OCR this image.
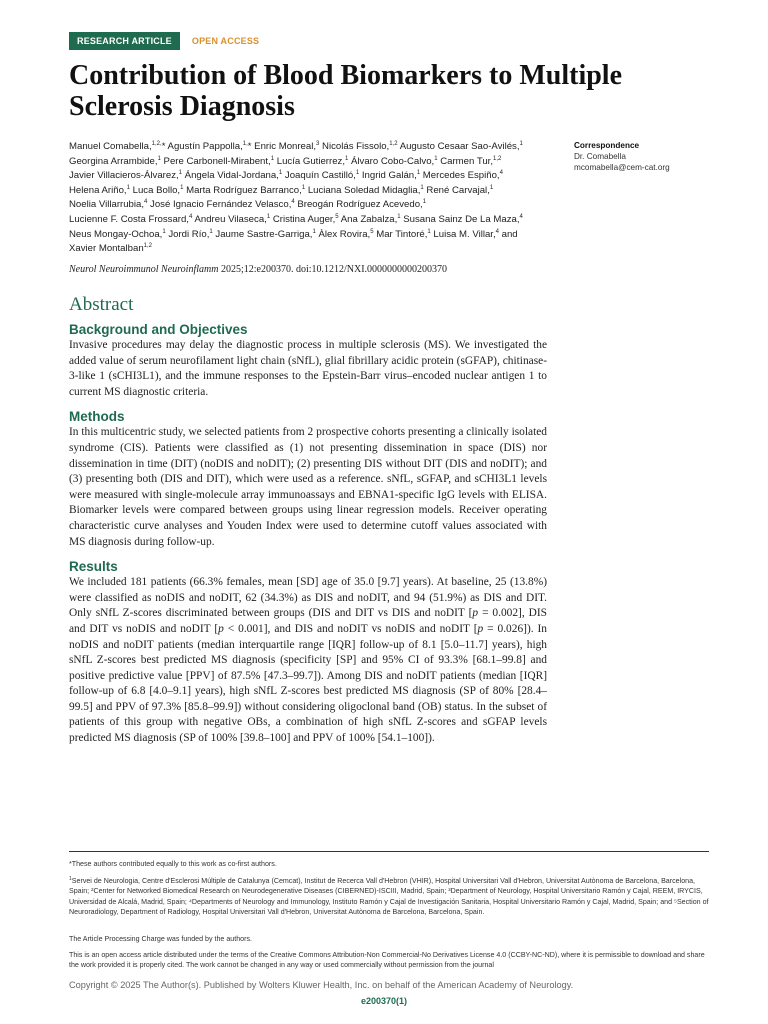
RESEARCH ARTICLE	OPEN ACCESS
Contribution of Blood Biomarkers to Multiple Sclerosis Diagnosis
Manuel Comabella,$^{1,2,}$* Agustín Pappolla,$^{1,}$* Enric Monreal,$^3$ Nicolás Fissolo,$^{1,2}$ Augusto Cesaar Sao-Avilés,$^1$
Georgina Arrambide,$^1$ Pere Carbonell-Mirabent,$^1$ Lucía Gutierrez,$^1$ Álvaro Cobo-Calvo,$^1$ Carmen Tur,$^{1,2}$
Javier Villacieros-Álvarez,$^1$ Ángela Vidal-Jordana,$^1$ Joaquín Castilló,$^1$ Ingrid Galán,$^1$ Mercedes Espiño,$^4$
Helena Ariño,$^1$ Luca Bollo,$^1$ Marta Rodríguez Barranco,$^1$ Luciana Soledad Midaglia,$^1$ René Carvajal,$^1$
Noelia Villarrubia,$^4$ José Ignacio Fernández Velasco,$^4$ Breogán Rodríguez Acevedo,$^1$
Lucienne F. Costa Frossard,$^4$ Andreu Vilaseca,$^1$ Cristina Auger,$^5$ Ana Zabalza,$^1$ Susana Sainz De La Maza,$^4$
Neus Mongay-Ochoa,$^1$ Jordi Río,$^1$ Jaume Sastre-Garriga,$^1$ Àlex Rovira,$^5$ Mar Tintoré,$^1$ Luisa M. Villar,$^4$ and
Xavier Montalban$^{1,2}$
Correspondence
Dr. Comabella
mcomabella@cem-cat.org
Neurol Neuroimmunol Neuroinflamm 2025;12:e200370. doi:10.1212/NXI.0000000000200370
Abstract
Background and Objectives

Invasive procedures may delay the diagnostic process in multiple sclerosis (MS). We investigated the added value of serum neurofilament light chain (sNfL), glial fibrillary acidic protein (sGFAP), chitinase-3-like 1 (sCHI3L1), and the immune responses to the Epstein-Barr virus–encoded nuclear antigen 1 to current MS diagnostic criteria.

Methods

In this multicentric study, we selected patients from 2 prospective cohorts presenting a clinically isolated syndrome (CIS). Patients were classified as (1) not presenting dissemination in space (DIS) nor dissemination in time (DIT) (noDIS and noDIT); (2) presenting DIS without DIT (DIS and noDIT); and (3) presenting both (DIS and DIT), which were used as a reference. sNfL, sGFAP, and sCHI3L1 levels were measured with single-molecule array immunoassays and EBNA1-specific IgG levels with ELISA. Biomarker levels were compared between groups using linear regression models. Receiver operating characteristic curve analyses and Youden Index were used to determine cutoff values associated with MS diagnosis during follow-up.

Results

We included 181 patients (66.3% females, mean [SD] age of 35.0 [9.7] years). At baseline, 25 (13.8%) were classified as noDIS and noDIT, 62 (34.3%) as DIS and noDIT, and 94 (51.9%) as DIS and DIT. Only sNfL Z-scores discriminated between groups (DIS and DIT vs DIS and noDIT [p = 0.002], DIS and DIT vs noDIS and noDIT [p < 0.001], and DIS and noDIT vs noDIS and noDIT [p = 0.026]). In noDIS and noDIT patients (median interquartile range [IQR] follow-up of 8.1 [5.0–11.7] years), high sNfL Z-scores best predicted MS diagnosis (specificity [SP] and 95% CI of 93.3% [68.1–99.8] and positive predictive value [PPV] of 87.5% [47.3–99.7]). Among DIS and noDIT patients (median [IQR] follow-up of 6.8 [4.0–9.1] years), high sNfL Z-scores best predicted MS diagnosis (SP of 80% [28.4–99.5] and PPV of 97.3% [85.8–99.9]) without considering oligoclonal band (OB) status. In the subset of patients of this group with negative OBs, a combination of high sNfL Z-scores and sGFAP levels predicted MS diagnosis (SP of 100% [39.8–100] and PPV of 100% [54.1–100]).

*These authors contributed equally to this work as co-first authors.
$^1$Servei de Neurologia, Centre d'Esclerosi Múltiple de Catalunya (Cemcat), Institut de Recerca Vall d'Hebron (VHIR), Hospital Universitari Vall d'Hebron, Universitat Autònoma de Barcelona, Barcelona, Spain; ²Center for Networked Biomedical Research on Neurodegenerative Diseases (CIBERNED)-ISCIII, Madrid, Spain; ³Department of Neurology, Hospital Universitario Ramón y Cajal, REEM, IRYCIS, Universidad de Alcalá, Madrid, Spain; ⁴Departments of Neurology and Immunology, Instituto Ramón y Cajal de Investigación Sanitaria, Hospital Universitario Ramón y Cajal, Madrid, Spain; and ⁵Section of Neuroradiology, Department of Radiology, Hospital Universitari Vall d'Hebron, Universitat Autònoma de Barcelona, Barcelona, Spain.
The Article Processing Charge was funded by the authors.
This is an open access article distributed under the terms of the Creative Commons Attribution-Non Commercial-No Derivatives License 4.0 (CCBY-NC-ND), where it is permissible to download and share the work provided it is properly cited. The work cannot be changed in any way or used commercially without permission from the journal
Copyright © 2025 The Author(s). Published by Wolters Kluwer Health, Inc. on behalf of the American Academy of Neurology.
e200370(1)
